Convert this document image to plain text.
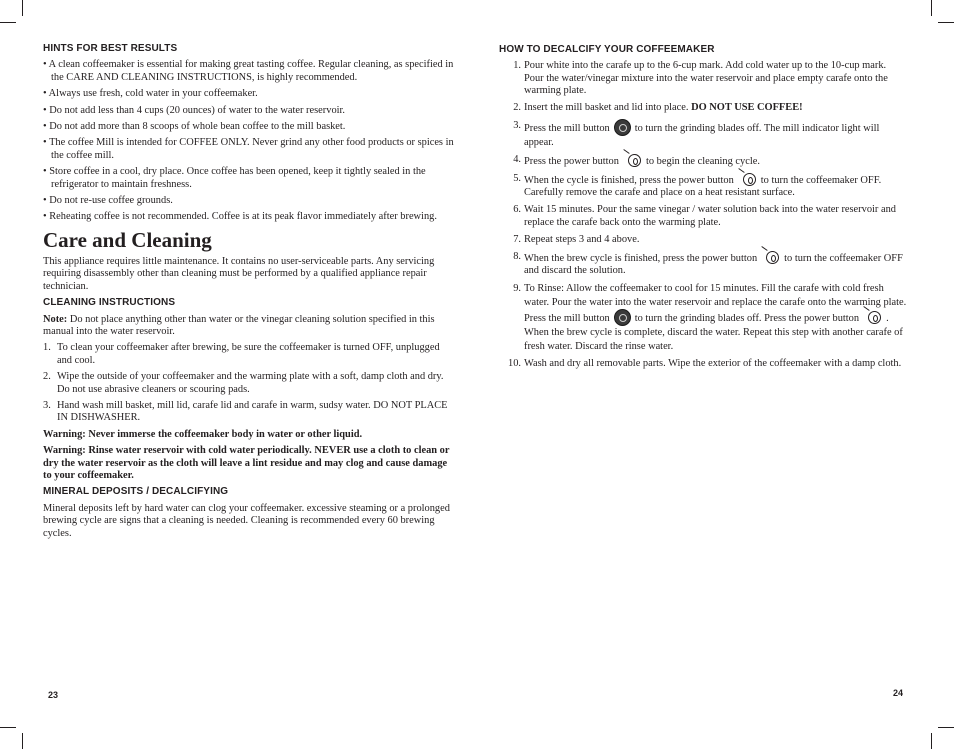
HINTS FOR BEST RESULTS
• A clean coffeemaker is essential for making great tasting coffee. Regular cleaning, as specified in the CARE AND CLEANING INSTRUCTIONS, is highly recommended.
• Always use fresh, cold water in your coffeemaker.
• Do not add less than 4 cups (20 ounces) of water to the water reservoir.
• Do not add more than 8 scoops of whole bean coffee to the mill basket.
• The coffee Mill is intended for COFFEE ONLY. Never grind any other food products or spices in the coffee mill.
• Store coffee in a cool, dry place. Once coffee has been opened, keep it tightly sealed in the refrigerator to maintain freshness.
• Do not re-use coffee grounds.
• Reheating coffee is not recommended. Coffee is at its peak flavor immediately after brewing.
Care and Cleaning
This appliance requires little maintenance. It contains no user-serviceable parts. Any servicing requiring disassembly other than cleaning must be performed by a qualified appliance repair technician.
CLEANING INSTRUCTIONS
Note: Do not place anything other than water or the vinegar cleaning solution specified in this manual into the water reservoir.
1. To clean your coffeemaker after brewing, be sure the coffeemaker is turned OFF, unplugged and cool.
2. Wipe the outside of your coffeemaker and the warming plate with a soft, damp cloth and dry. Do not use abrasive cleaners or scouring pads.
3. Hand wash mill basket, mill lid, carafe lid and carafe in warm, sudsy water. DO NOT PLACE IN DISHWASHER.
Warning: Never immerse the coffeemaker body in water or other liquid.
Warning: Rinse water reservoir with cold water periodically. NEVER use a cloth to clean or dry the water reservoir as the cloth will leave a lint residue and may clog and cause damage to your coffeemaker.
MINERAL DEPOSITS / DECALCIFYING
Mineral deposits left by hard water can clog your coffeemaker. excessive steaming or a prolonged brewing cycle are signs that a cleaning is needed. Cleaning is recommended every 60 brewing cycles.
23
HOW TO DECALCIFY YOUR COFFEEMAKER
1. Pour white into the carafe up to the 6-cup mark. Add cold water up to the 10-cup mark. Pour the water/vinegar mixture into the water reservoir and place empty carafe onto the warming plate.
2. Insert the mill basket and lid into place. DO NOT USE COFFEE!
3. Press the mill button to turn the grinding blades off. The mill indicator light will appear.
4. Press the power button	to begin the cleaning cycle.
5. When the cycle is finished, press the power button	to turn the coffeemaker OFF. Carefully remove the carafe and place on a heat resistant surface.
6. Wait 15 minutes. Pour the same vinegar / water solution back into the water reservoir and replace the carafe back onto the warming plate.
7. Repeat steps 3 and 4 above.
8. When the brew cycle is finished, press the power button	to turn the coffeemaker OFF and discard the solution.
9. To Rinse: Allow the coffeemaker to cool for 15 minutes. Fill the carafe with cold fresh water. Pour the water into the water reservoir and replace the carafe onto the warming plate. Press the mill button to turn the grinding blades off. Press the power button	. When the brew cycle is complete, discard the water. Repeat this step with another carafe of fresh water. Discard the rinse water.
10. Wash and dry all removable parts. Wipe the exterior of the coffeemaker with a damp cloth.
24
